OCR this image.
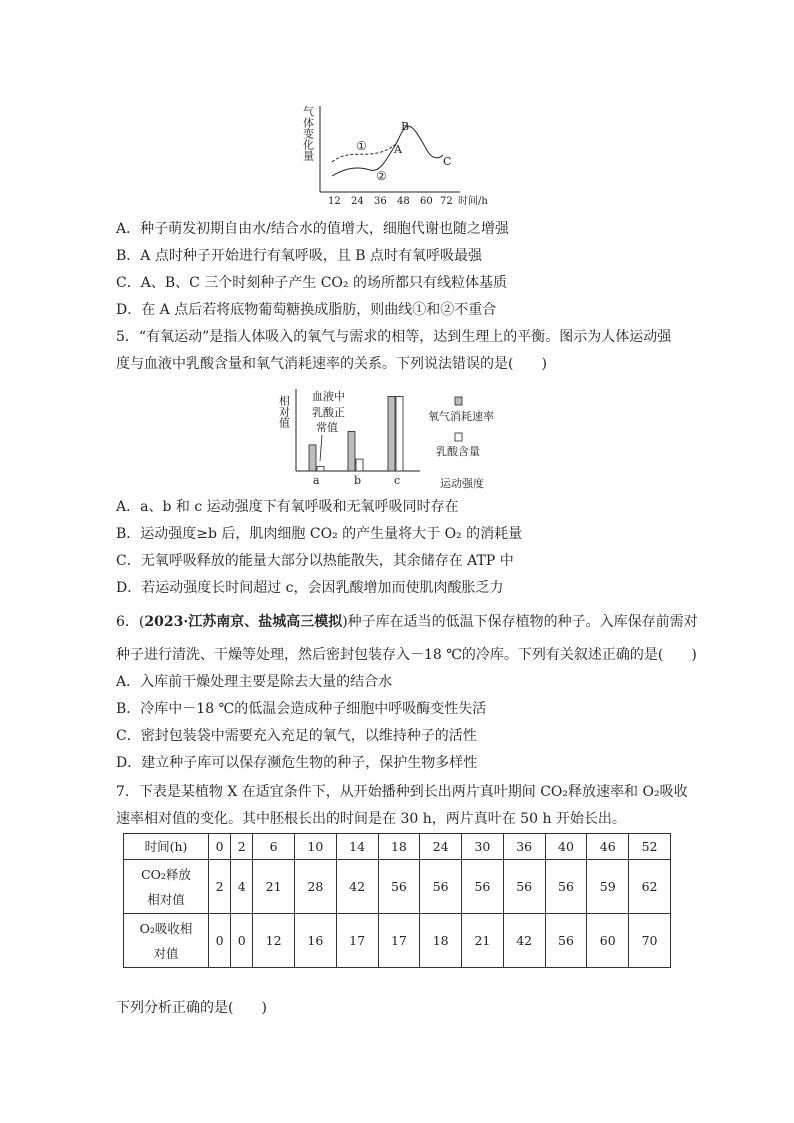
气体变化量	①
②
A
B
C
12 24 36 48 60 72 时间/h
A．种子萌发初期自由水/结合水的值增大，细胞代谢也随之增强
B．A 点时种子开始进行有氧呼吸，且 B 点时有氧呼吸最强
C．A、B、C 三个时刻种子产生 CO₂ 的场所都只有线粒体基质
D．在 A 点后若将底物葡萄糖换成脂肪，则曲线①和②不重合
5．“有氧运动”是指人体吸入的氧气与需求的相等，达到生理上的平衡。图示为人体运动强
度与血液中乳酸含量和氧气消耗速率的关系。下列说法错误的是(　　)
相对值 血液中
乳酸正
常值
a	b	c	运动强度
氧气消耗速率
乳酸含量
A．a、b 和 c 运动强度下有氧呼吸和无氧呼吸同时存在
B．运动强度≥b 后，肌肉细胞 CO₂ 的产生量将大于 O₂ 的消耗量
C．无氧呼吸释放的能量大部分以热能散失，其余储存在 ATP 中
D．若运动强度长时间超过 c，会因乳酸增加而使肌肉酸胀乏力
6．(2023·江苏南京、盐城高三模拟)种子库在适当的低温下保存植物的种子。入库保存前需对
种子进行清洗、干燥等处理，然后密封包装存入－18 ℃的冷库。下列有关叙述正确的是(　　)
A．入库前干燥处理主要是除去大量的结合水
B．冷库中－18 ℃的低温会造成种子细胞中呼吸酶变性失活
C．密封包装袋中需要充入充足的氧气，以维持种子的活性
D．建立种子库可以保存濒危生物的种子，保护生物多样性
7．下表是某植物 X 在适宜条件下，从开始播种到长出两片真叶期间 CO₂释放速率和 O₂吸收
速率相对值的变化。其中胚根长出的时间是在 30 h，两片真叶在 50 h 开始长出。
时间(h)	0	2	6	10	14	18	24	30	36	40	46	52
CO₂释放
相对值	2	4	21	28	42	56	56	56	56	56	59	62
O₂吸收相
对值	0	0	12	16	17	17	18	21	42	56	60	70
下列分析正确的是(　　)
